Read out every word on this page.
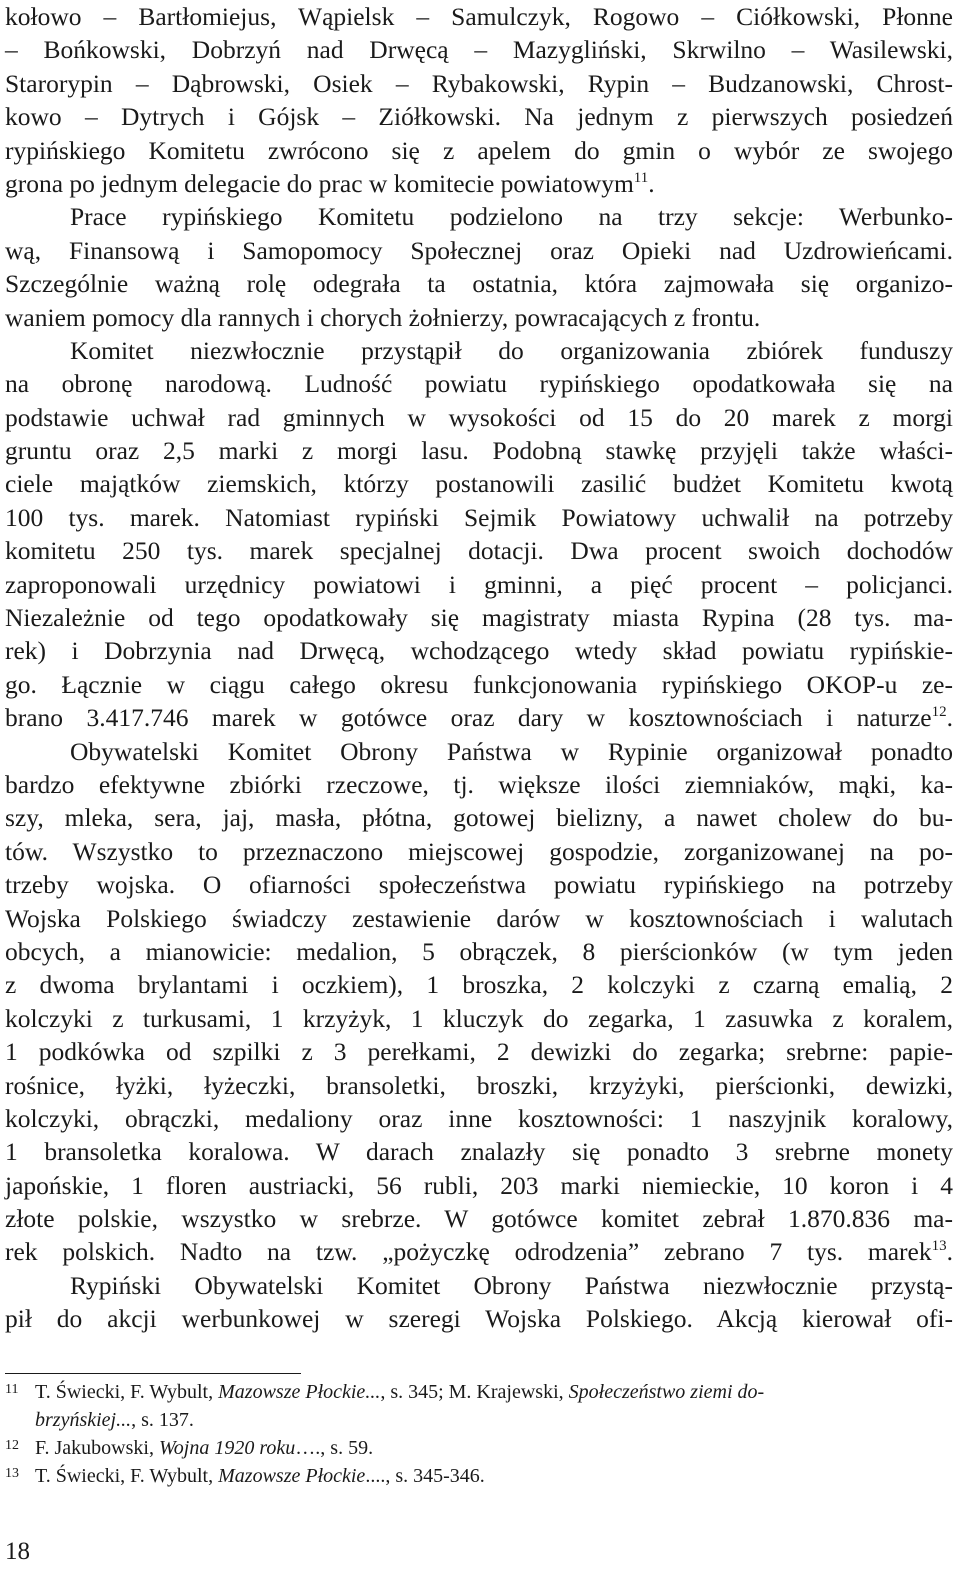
kołowo – Bartłomiejus, Wąpielsk – Samulczyk, Rogowo – Ciółkowski, Płonne
– Bońkowski, Dobrzyń nad Drwęcą – Mazygliński, Skrwilno – Wasilewski,
Starorypin – Dąbrowski, Osiek – Rybakowski, Rypin – Budzanowski, Chrost-
kowo – Dytrych i Gójsk – Ziółkowski. Na jednym z pierwszych posiedzeń
rypińskiego Komitetu zwrócono się z apelem do gmin o wybór ze swojego
grona po jednym delegacie do prac w komitecie powiatowym$^{11}$.
Prace rypińskiego Komitetu podzielono na trzy sekcje: Werbunko-
wą, Finansową i Samopomocy Społecznej oraz Opieki nad Uzdrowieńcami.
Szczególnie ważną rolę odegrała ta ostatnia, która zajmowała się organizo-
waniem pomocy dla rannych i chorych żołnierzy, powracających z frontu.
Komitet niezwłocznie przystąpił do organizowania zbiórek funduszy
na obronę narodową. Ludność powiatu rypińskiego opodatkowała się na
podstawie uchwał rad gminnych w wysokości od 15 do 20 marek z morgi
gruntu oraz 2,5 marki z morgi lasu. Podobną stawkę przyjęli także właści-
ciele majątków ziemskich, którzy postanowili zasilić budżet Komitetu kwotą
100 tys. marek. Natomiast rypiński Sejmik Powiatowy uchwalił na potrzeby
komitetu 250 tys. marek specjalnej dotacji. Dwa procent swoich dochodów
zaproponowali urzędnicy powiatowi i gminni, a pięć procent – policjanci.
Niezależnie od tego opodatkowały się magistraty miasta Rypina (28 tys. ma-
rek) i Dobrzynia nad Drwęcą, wchodzącego wtedy skład powiatu rypińskie-
go. Łącznie w ciągu całego okresu funkcjonowania rypińskiego OKOP-u ze-
brano 3.417.746 marek w gotówce oraz dary w kosztownościach i naturze$^{12}$.
Obywatelski Komitet Obrony Państwa w Rypinie organizował ponadto
bardzo efektywne zbiórki rzeczowe, tj. większe ilości ziemniaków, mąki, ka-
szy, mleka, sera, jaj, masła, płótna, gotowej bielizny, a nawet cholew do bu-
tów. Wszystko to przeznaczono miejscowej gospodzie, zorganizowanej na po-
trzeby wojska. O ofiarności społeczeństwa powiatu rypińskiego na potrzeby
Wojska Polskiego świadczy zestawienie darów w kosztownościach i walutach
obcych, a mianowicie: medalion, 5 obrączek, 8 pierścionków (w tym jeden
z dwoma brylantami i oczkiem), 1 broszka, 2 kolczyki z czarną emalią, 2
kolczyki z turkusami, 1 krzyżyk, 1 kluczyk do zegarka, 1 zasuwka z koralem,
1 podkówka od szpilki z 3 perełkami, 2 dewizki do zegarka; srebrne: papie-
rośnice, łyżki, łyżeczki, bransoletki, broszki, krzyżyki, pierścionki, dewizki,
kolczyki, obrączki, medaliony oraz inne kosztowności: 1 naszyjnik koralowy,
1 bransoletka koralowa. W darach znalazły się ponadto 3 srebrne monety
japońskie, 1 floren austriacki, 56 rubli, 203 marki niemieckie, 10 koron i 4
złote polskie, wszystko w srebrze. W gotówce komitet zebrał 1.870.836 ma-
rek polskich. Nadto na tzw. „pożyczkę odrodzenia” zebrano 7 tys. marek$^{13}$.
Rypiński Obywatelski Komitet Obrony Państwa niezwłocznie przystą-
pił do akcji werbunkowej w szeregi Wojska Polskiego. Akcją kierował ofi-
11 T. Świecki, F. Wybult, Mazowsze Płockie..., s. 345; M. Krajewski, Społeczeństwo ziemi do-
brzyńskiej..., s. 137.
12 F. Jakubowski, Wojna 1920 roku…., s. 59.
13 T. Świecki, F. Wybult, Mazowsze Płockie...., s. 345-346.
18
